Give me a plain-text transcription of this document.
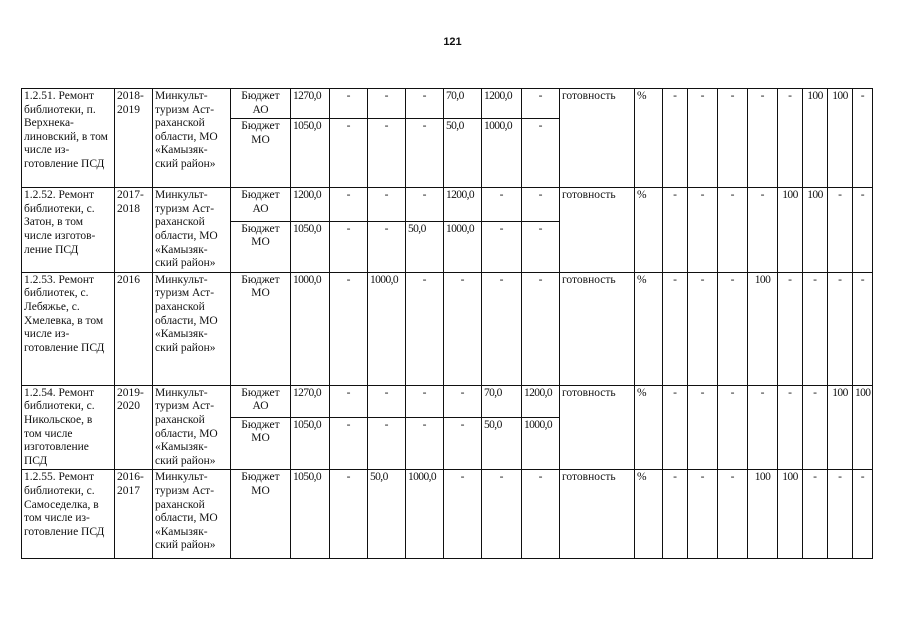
121
1.2.51. Ремонт библиотеки, п. Верхнека-линовский, в том числе из-готовление ПСД	2018-2019	Минкульт-туризм Аст-раханской области, МО «Камызяк-ский район»	Бюджет АО	1270,0	-	-	-	70,0	1200,0	-	готовность	%	-	-	-	-	-	100	100	-
			Бюджет МО	1050,0	-	-	-	50,0	1000,0	-										
1.2.52. Ремонт библиотеки, с. Затон, в том числе изготов-ление ПСД	2017-2018	Минкульт-туризм Аст-раханской области, МО «Камызяк-ский район»	Бюджет АО	1200,0	-	-	-	1200,0	-	-	готовность	%	-	-	-	-	100	100	-	-
			Бюджет МО	1050,0	-	-	50,0	1000,0	-	-										
1.2.53. Ремонт библиотек, с. Лебяжье, с. Хмелевка, в том числе из-готовление ПСД	2016	Минкульт-туризм Аст-раханской области, МО «Камызяк-ский район»	Бюджет МО	1000,0	-	1000,0	-	-	-	-	готовность	%	-	-	-	100	-	-	-	-
1.2.54. Ремонт библиотеки, с. Никольское, в том числе изготовление ПСД	2019-2020	Минкульт-туризм Аст-раханской области, МО «Камызяк-ский район»	Бюджет АО	1270,0	-	-	-	-	70,0	1200,0	готовность	%	-	-	-	-	-	-	100	100
			Бюджет МО	1050,0	-	-	-	-	50,0	1000,0										
1.2.55. Ремонт библиотеки, с. Самоседелка, в том числе из-готовление ПСД	2016-2017	Минкульт-туризм Аст-раханской области, МО «Камызяк-ский район»	Бюджет МО	1050,0	-	50,0	1000,0	-	-	-	готовность	%	-	-	-	100	100	-	-	-
